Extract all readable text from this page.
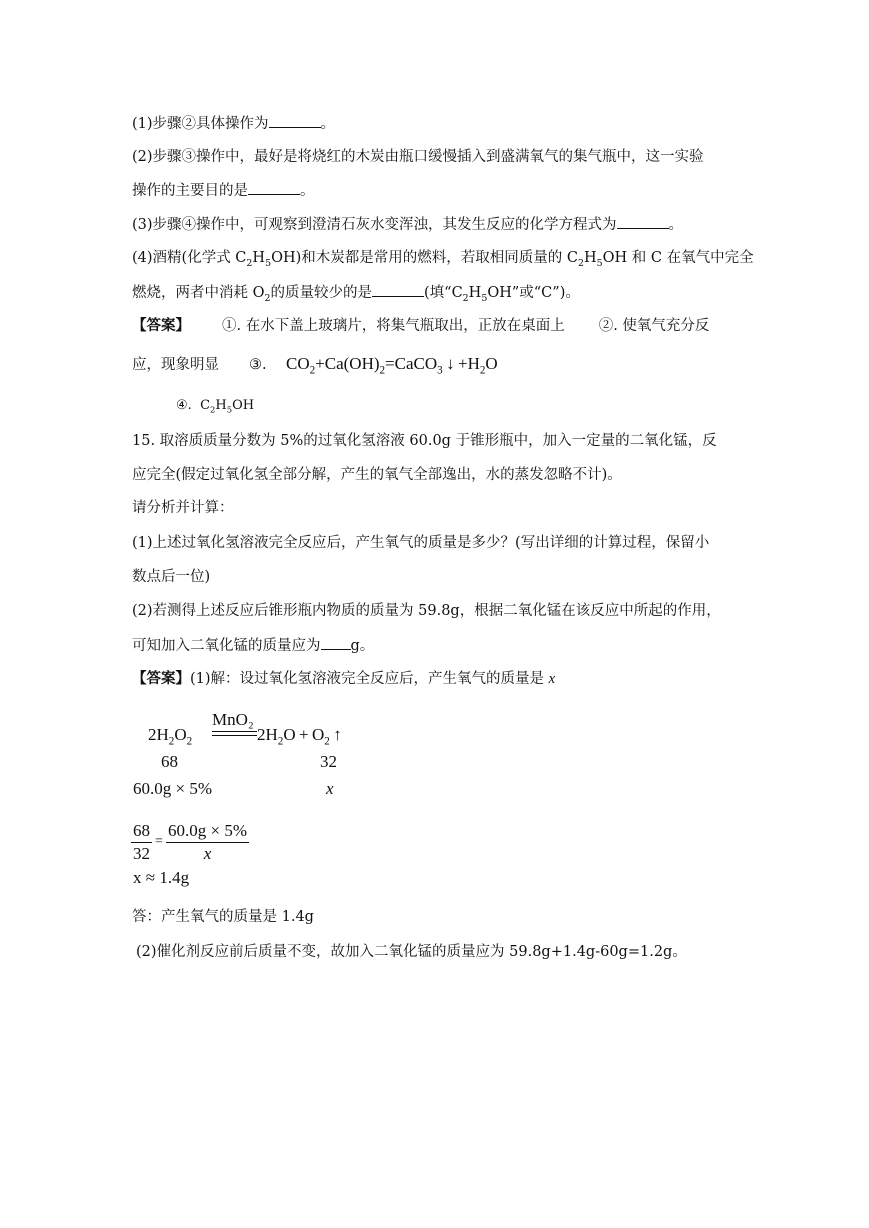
(1)步骤②具体操作为	。
(2)步骤③操作中，最好是将烧红的木炭由瓶口缓慢插入到盛满氧气的集气瓶中，这一实验
操作的主要目的是	。
(3)步骤④操作中，可观察到澄清石灰水变浑浊，其发生反应的化学方程式为	。
(4)酒精(化学式 $C_2H_5OH$)和木炭都是常用的燃料，若取相同质量的 $C_2H_5OH$ 和 C 在氧气中完全
燃烧，两者中消耗 $O_2$的质量较少的是	(填“$C_2H_5OH$”或“C”)。
【答案】 ①. 在水下盖上玻璃片，将集气瓶取出，正放在桌面上 ②. 使氧气充分反
应，现象明显 ③. $CO_2+Ca(OH)_2=CaCO_3$ ↓ $+H_2O$
④. $C_2H_5OH$
15. 取溶质质量分数为 5%的过氧化氢溶液 60.0g 于锥形瓶中，加入一定量的二氧化锰，反
应完全(假定过氧化氢全部分解，产生的氧气全部逸出，水的蒸发忽略不计)。
请分析并计算：
(1)上述过氧化氢溶液完全反应后，产生氧气的质量是多少？(写出详细的计算过程，保留小
数点后一位)
(2)若测得上述反应后锥形瓶内物质的质量为 59.8g，根据二氧化锰在该反应中所起的作用，
可知加入二氧化锰的质量应为 g。
【答案】(1)解：设过氧化氢溶液完全反应后，产生氧气的质量是 x
MnO₂
$2H_2O_2$	$2H_2O + O_2$ ↑
68	32
60.0g × 5%	x
$\frac{68}{32} = \frac{60.0g \times 5\%}{x}$
x ≈ 1.4g
答：产生氧气的质量是 1.4g
(2)催化剂反应前后质量不变，故加入二氧化锰的质量应为 59.8g+1.4g-60g=1.2g。
